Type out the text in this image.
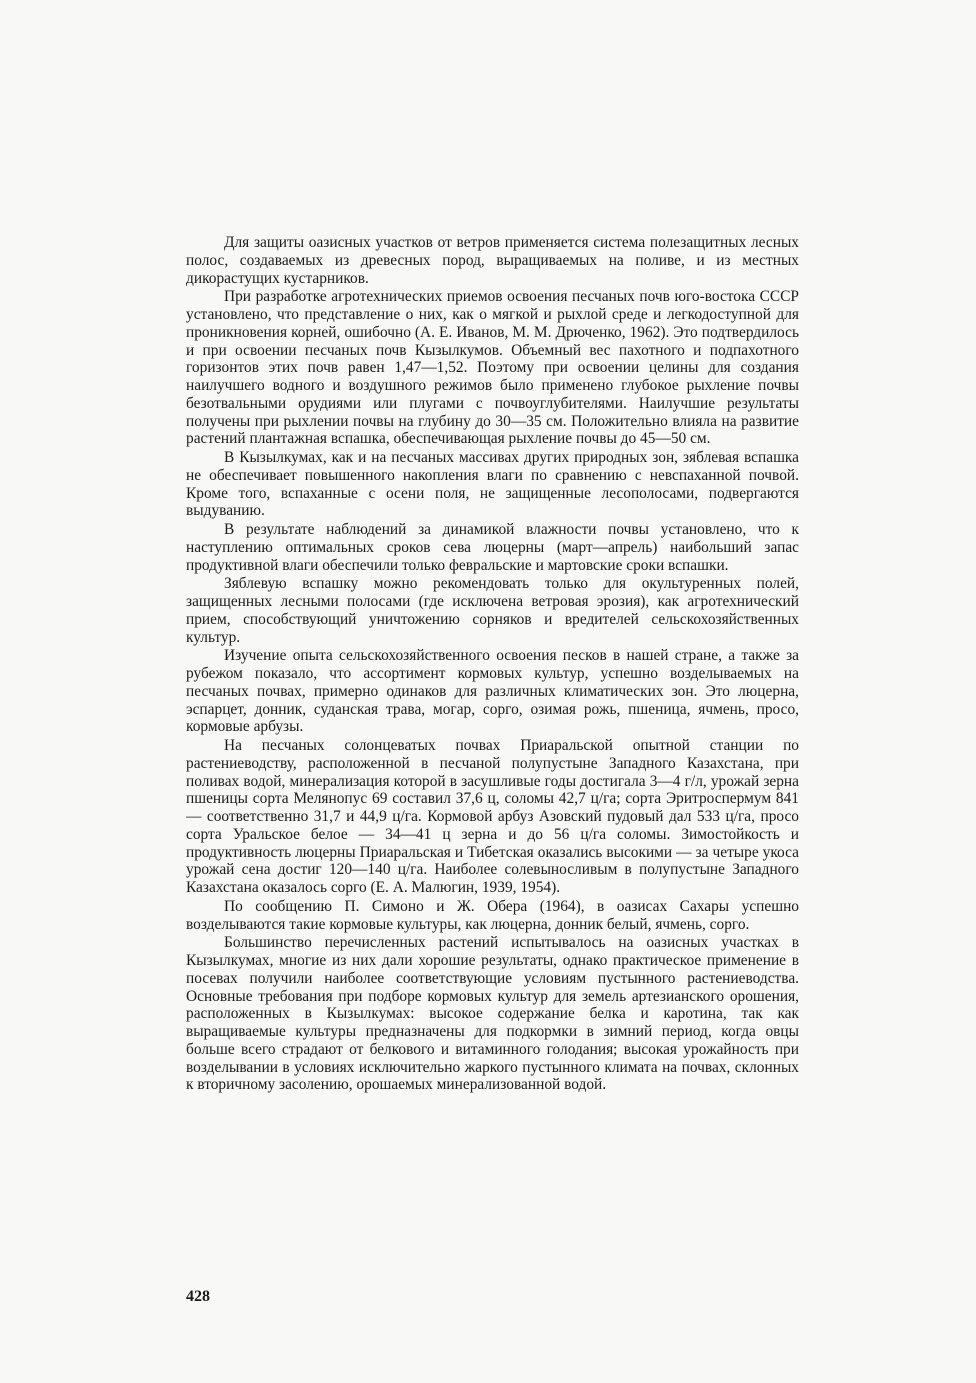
Для защиты оазисных участков от ветров применяется система полезащитных лесных полос, создаваемых из древесных пород, выращиваемых на поливе, и из местных дикорастущих кустарников.

При разработке агротехнических приемов освоения песчаных почв юго-востока СССР установлено, что представление о них, как о мягкой и рыхлой среде и легкодоступной для проникновения корней, ошибочно (А. Е. Иванов, М. М. Дрюченко, 1962). Это подтвердилось и при освоении песчаных почв Кызылкумов. Объемный вес пахотного и подпахотного горизонтов этих почв равен 1,47—1,52. Поэтому при освоении целины для создания наилучшего водного и воздушного режимов было применено глубокое рыхление почвы безотвальными орудиями или плугами с почвоуглубителями. Наилучшие результаты получены при рыхлении почвы на глубину до 30—35 см. Положительно влияла на развитие растений плантажная вспашка, обеспечивающая рыхление почвы до 45—50 см.

В Кызылкумах, как и на песчаных массивах других природных зон, зяблевая вспашка не обеспечивает повышенного накопления влаги по сравнению с невспаханной почвой. Кроме того, вспаханные с осени поля, не защищенные лесополосами, подвергаются выдуванию.

В результате наблюдений за динамикой влажности почвы установлено, что к наступлению оптимальных сроков сева люцерны (март—апрель) наибольший запас продуктивной влаги обеспечили только февральские и мартовские сроки вспашки.

Зяблевую вспашку можно рекомендовать только для окультуренных полей, защищенных лесными полосами (где исключена ветровая эрозия), как агротехнический прием, способствующий уничтожению сорняков и вредителей сельскохозяйственных культур.

Изучение опыта сельскохозяйственного освоения песков в нашей стране, а также за рубежом показало, что ассортимент кормовых культур, успешно возделываемых на песчаных почвах, примерно одинаков для различных климатических зон. Это люцерна, эспарцет, донник, суданская трава, могар, сорго, озимая рожь, пшеница, ячмень, просо, кормовые арбузы.

На песчаных солонцеватых почвах Приаральской опытной станции по растениеводству, расположенной в песчаной полупустыне Западного Казахстана, при поливах водой, минерализация которой в засушливые годы достигала 3—4 г/л, урожай зерна пшеницы сорта Мелянопус 69 составил 37,6 ц, соломы 42,7 ц/га; сорта Эритроспермум 841 — соответственно 31,7 и 44,9 ц/га. Кормовой арбуз Азовский пудовый дал 533 ц/га, просо сорта Уральское белое — 34—41 ц зерна и до 56 ц/га соломы. Зимостойкость и продуктивность люцерны Приаральская и Тибетская оказались высокими — за четыре укоса урожай сена достиг 120—140 ц/га. Наиболее солевыносливым в полупустыне Западного Казахстана оказалось сорго (Е. А. Малюгин, 1939, 1954).

По сообщению П. Симоно и Ж. Обера (1964), в оазисах Сахары успешно возделываются такие кормовые культуры, как люцерна, донник белый, ячмень, сорго.

Большинство перечисленных растений испытывалось на оазисных участках в Кызылкумах, многие из них дали хорошие результаты, однако практическое применение в посевах получили наиболее соответствующие условиям пустынного растениеводства. Основные требования при подборе кормовых культур для земель артезианского орошения, расположенных в Кызылкумах: высокое содержание белка и каротина, так как выращиваемые культуры предназначены для подкормки в зимний период, когда овцы больше всего страдают от белкового и витаминного голодания; высокая урожайность при возделывании в условиях исключительно жаркого пустынного климата на почвах, склонных к вторичному засолению, орошаемых минерализованной водой.

428
